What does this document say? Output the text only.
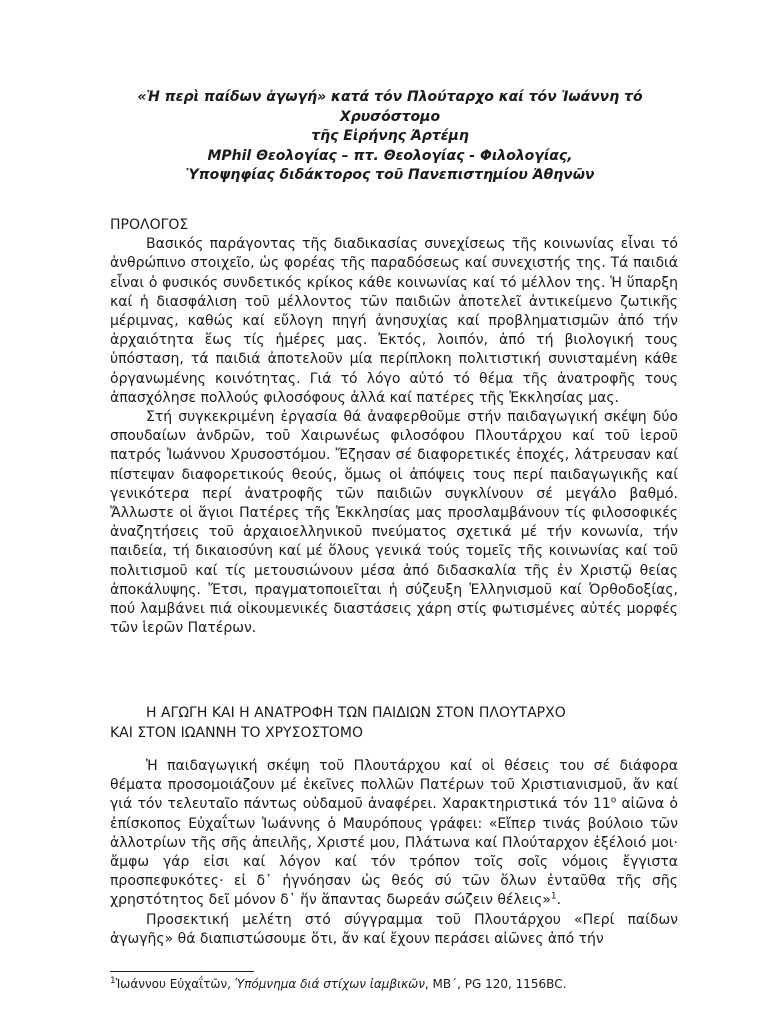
«Ἡ περὶ παίδων ἀγωγή» κατά τόν Πλούταρχο καί τόν Ἰωάννη τό
Χρυσόστομο
τῆς Εἰρήνης Ἀρτέμη
MPhil Θεολογίας – πτ. Θεολογίας - Φιλολογίας,
Ὑποψηφίας διδάκτορος τοῦ Πανεπιστημίου Ἀθηνῶν

ΠΡΟΛΟΓΟΣ

Βασικός παράγοντας τῆς διαδικασίας συνεχίσεως τῆς κοινωνίας εἶναι τό ἀνθρώπινο στοιχεῖο, ὡς φορέας τῆς παραδόσεως καί συνεχιστής της. Τά παιδιά εἶναι ὁ φυσικός συνδετικός κρίκος κάθε κοινωνίας καί τό μέλλον της. Ἡ ὕπαρξη καί ἡ διασφάλιση τοῦ μέλλοντος τῶν παιδιῶν ἀποτελεῖ ἀντικείμενο ζωτικῆς μέριμνας, καθώς καί εὔλογη πηγή ἀνησυχίας καί προβληματισμῶν ἀπό τήν ἀρχαιότητα ἕως τίς ἡμέρες μας. Ἐκτός, λοιπόν, ἀπό τή βιολογική τους ὑπόσταση, τά παιδιά ἀποτελοῦν μία περίπλοκη πολιτιστική συνισταμένη κάθε ὀργανωμένης κοινότητας. Γιά τό λόγο αὐτό τό θέμα τῆς ἀνατροφῆς τους ἀπασχόλησε πολλούς φιλοσόφους ἀλλά καί πατέρες τῆς Ἐκκλησίας μας.

Στή συγκεκριμένη ἐργασία θά ἀναφερθοῦμε στήν παιδαγωγική σκέψη δύο σπουδαίων ἀνδρῶν, τοῦ Χαιρωνέως φιλοσόφου Πλουτάρχου καί τοῦ ἱεροῦ πατρός Ἰωάννου Χρυσοστόμου. Ἔζησαν σέ διαφορετικές ἐποχές, λάτρευσαν καί πίστεψαν διαφορετικούς θεούς, ὅμως οἱ ἀπόψεις τους περί παιδαγωγικῆς καί γενικότερα περί ἀνατροφῆς τῶν παιδιῶν συγκλίνουν σέ μεγάλο βαθμό. Ἄλλωστε οἱ ἅγιοι Πατέρες τῆς Ἐκκλησίας μας προσλαμβάνουν τίς φιλοσοφικές ἀναζητήσεις τοῦ ἀρχαιοελληνικοῦ πνεύματος σχετικά μέ τήν κονωνία, τήν παιδεία, τή δικαιοσύνη καί μέ ὅλους γενικά τούς τομεῖς τῆς κοινωνίας καί τοῦ πολιτισμοῦ καί τίς μετουσιώνουν μέσα ἀπό διδασκαλία τῆς ἐν Χριστῷ θείας ἀποκάλυψης. Ἔτσι, πραγματοποιεῖται ἡ σύζευξη Ἑλληνισμοῦ καί Ὀρθοδοξίας, πού λαμβάνει πιά οἰκουμενικές διαστάσεις χάρη στίς φωτισμένες αὐτές μορφές τῶν ἱερῶν Πατέρων.

Η ΑΓΩΓΗ ΚΑΙ Η ΑΝΑΤΡΟΦΗ ΤΩΝ ΠΑΙΔΙΩΝ ΣΤΟΝ ΠΛΟΥΤΑΡΧΟ
ΚΑΙ ΣΤΟΝ ΙΩΑΝΝΗ ΤΟ ΧΡΥΣΟΣΤΟΜΟ

Ἡ παιδαγωγική σκέψη τοῦ Πλουτάρχου καί οἱ θέσεις του σέ διάφορα θέματα προσομοιάζουν μέ ἐκεῖνες πολλῶν Πατέρων τοῦ Χριστιανισμοῦ, ἄν καί γιά τόν τελευταῖο πάντως οὐδαμοῦ ἀναφέρει. Χαρακτηριστικά τόν $11^o$ αἰῶνα ὁ ἐπίσκοπος Εὐχαΐτων Ἰωάννης ὁ Μαυρόπους γράφει: «Εἴπερ τινάς βούλοιο τῶν ἀλλοτρίων τῆς σῆς ἀπειλῆς, Χριστέ μου, Πλάτωνα καί Πλούταρχον ἐξέλοιό μοι· ἄμφω γάρ εἰσι καί λόγον καί τόν τρόπον τοῖς σοῖς νόμοις ἔγγιστα προσπεφυκότες· εἰ δ᾽ ἠγνόησαν ὡς θεός σύ τῶν ὅλων ἐνταῦθα τῆς σῆς χρηστότητος δεῖ μόνον δ᾽ ἥν ἅπαντας δωρεάν σώζειν θέλεις»$^1$.

Προσεκτική μελέτη στό σύγγραμμα τοῦ Πλουτάρχου «Περί παίδων ἀγωγῆς» θά διαπιστώσουμε ὅτι, ἄν καί ἔχουν περάσει αἰῶνες ἀπό τήν

$^1$Ἰωάννου Εὐχαΐτῶν, Ὑπόμνημα διά στίχων ἰαμβικῶν, ΜΒ΄, PG 120, 1156BC.
